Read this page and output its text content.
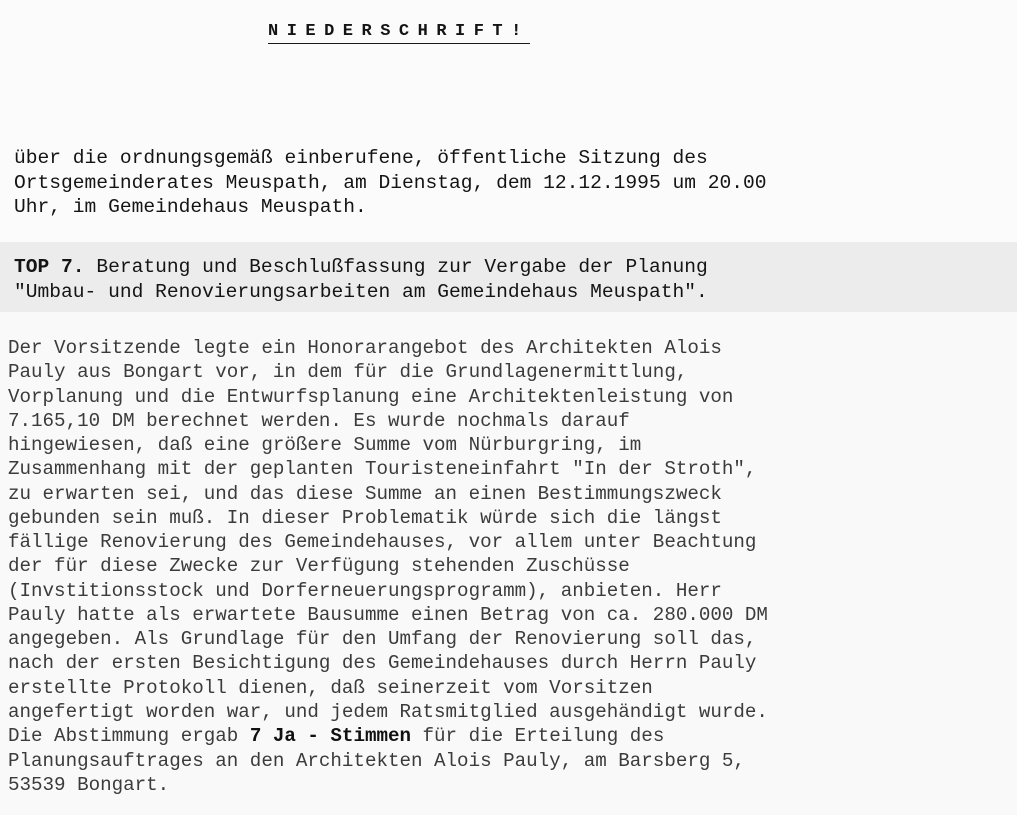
NIEDERSCHRIFT!
über die ordnungsgemäß einberufene, öffentliche Sitzung des
Ortsgemeinderates Meuspath, am Dienstag, dem 12.12.1995 um 20.00
Uhr, im Gemeindehaus Meuspath.
TOP 7. Beratung und Beschlußfassung zur Vergabe der Planung
"Umbau- und Renovierungsarbeiten am Gemeindehaus Meuspath".
Der Vorsitzende legte ein Honorarangebot des Architekten Alois
Pauly aus Bongart vor, in dem für die Grundlagenermittlung,
Vorplanung und die Entwurfsplanung eine Architektenleistung von
7.165,10 DM berechnet werden. Es wurde nochmals darauf
hingewiesen, daß eine größere Summe vom Nürburgring, im
Zusammenhang mit der geplanten Touristeneinfahrt "In der Stroth",
zu erwarten sei, und das diese Summe an einen Bestimmungszweck
gebunden sein muß. In dieser Problematik würde sich die längst
fällige Renovierung des Gemeindehauses, vor allem unter Beachtung
der für diese Zwecke zur Verfügung stehenden Zuschüsse
(Invstitionsstock und Dorferneuerungsprogramm), anbieten. Herr
Pauly hatte als erwartete Bausumme einen Betrag von ca. 280.000 DM
angegeben. Als Grundlage für den Umfang der Renovierung soll das,
nach der ersten Besichtigung des Gemeindehauses durch Herrn Pauly
erstellte Protokoll dienen, daß seinerzeit vom Vorsitzen
angefertigt worden war, und jedem Ratsmitglied ausgehändigt wurde.
Die Abstimmung ergab 7 Ja - Stimmen für die Erteilung des
Planungsauftrages an den Architekten Alois Pauly, am Barsberg 5,
53539 Bongart.
